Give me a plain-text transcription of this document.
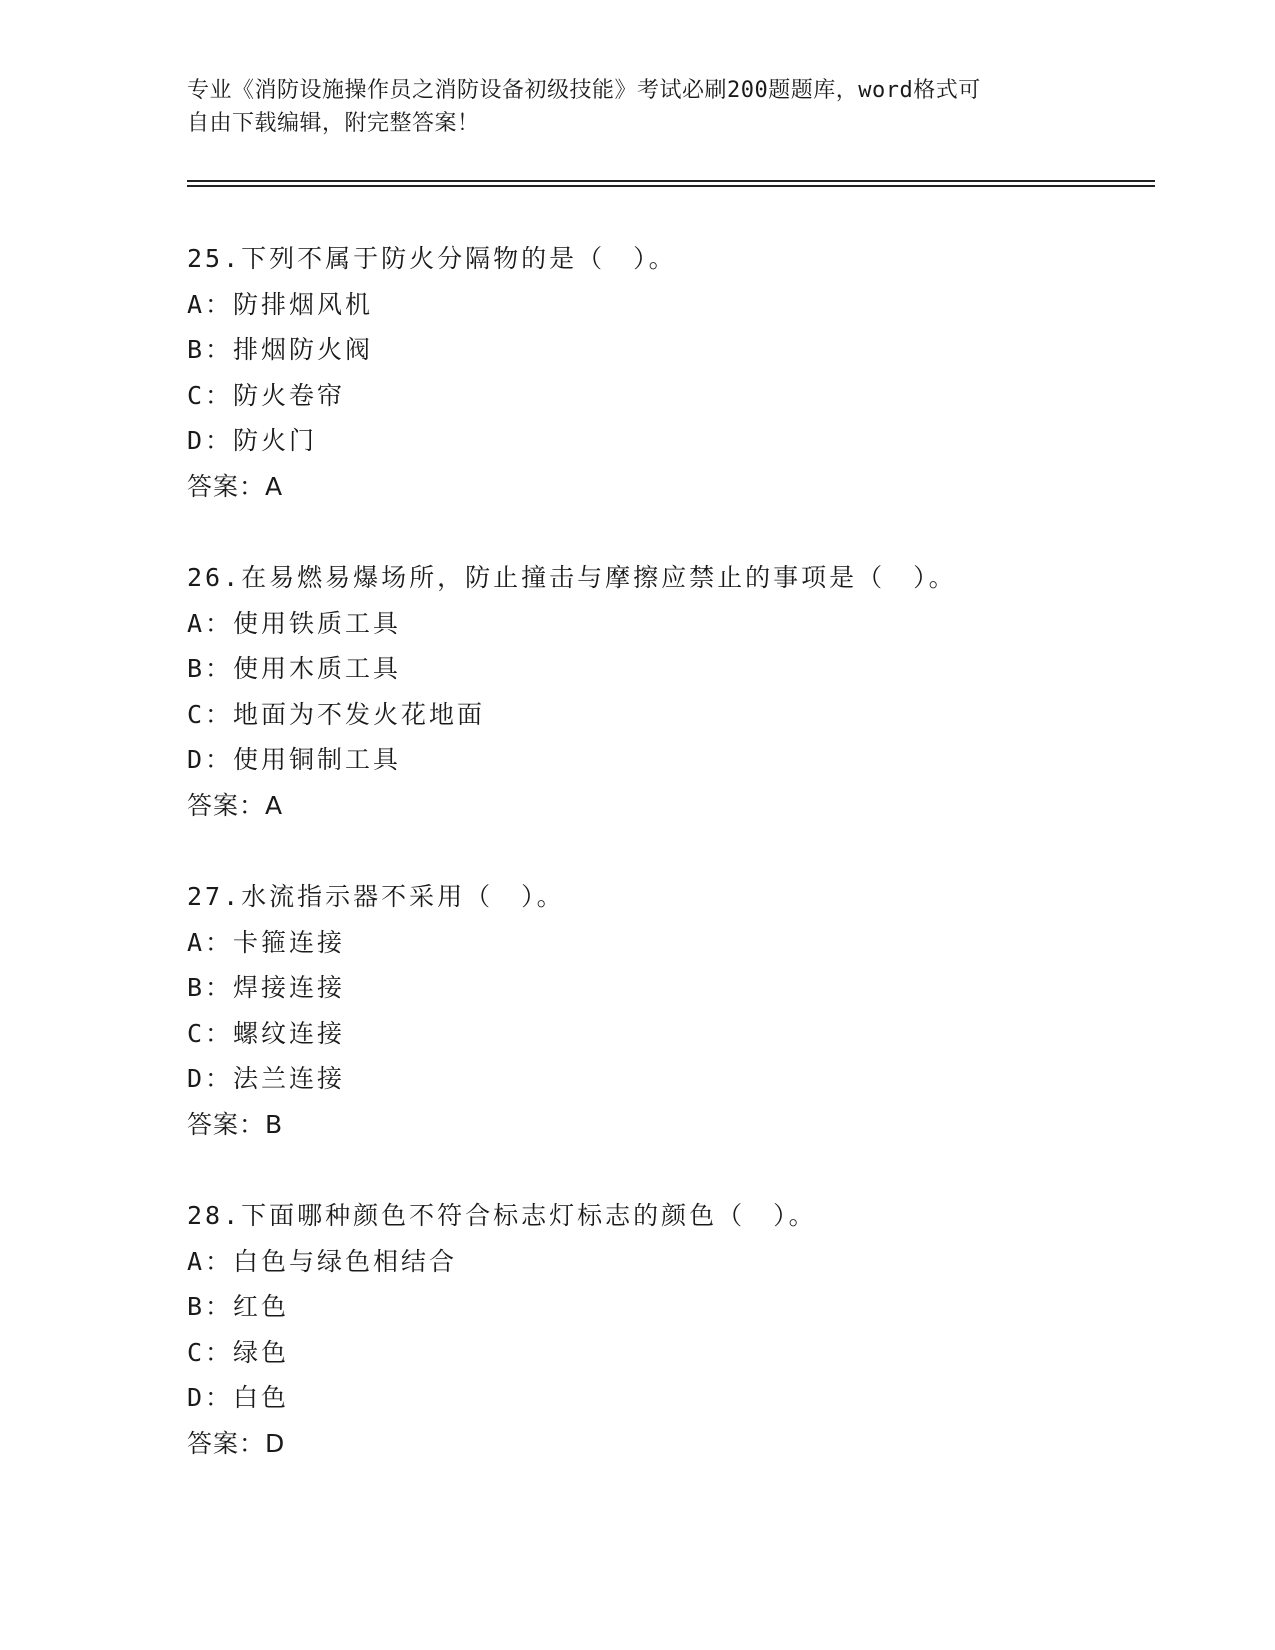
专业《消防设施操作员之消防设备初级技能》考试必刷200题题库，word格式可
自由下载编辑，附完整答案！
25.下列不属于防火分隔物的是（　）。
A：防排烟风机
B：排烟防火阀
C：防火卷帘
D：防火门
答案：A
26.在易燃易爆场所，防止撞击与摩擦应禁止的事项是（　）。
A：使用铁质工具
B：使用木质工具
C：地面为不发火花地面
D：使用铜制工具
答案：A
27.水流指示器不采用（　）。
A：卡箍连接
B：焊接连接
C：螺纹连接
D：法兰连接
答案：B
28.下面哪种颜色不符合标志灯标志的颜色（　）。
A：白色与绿色相结合
B：红色
C：绿色
D：白色
答案：D
